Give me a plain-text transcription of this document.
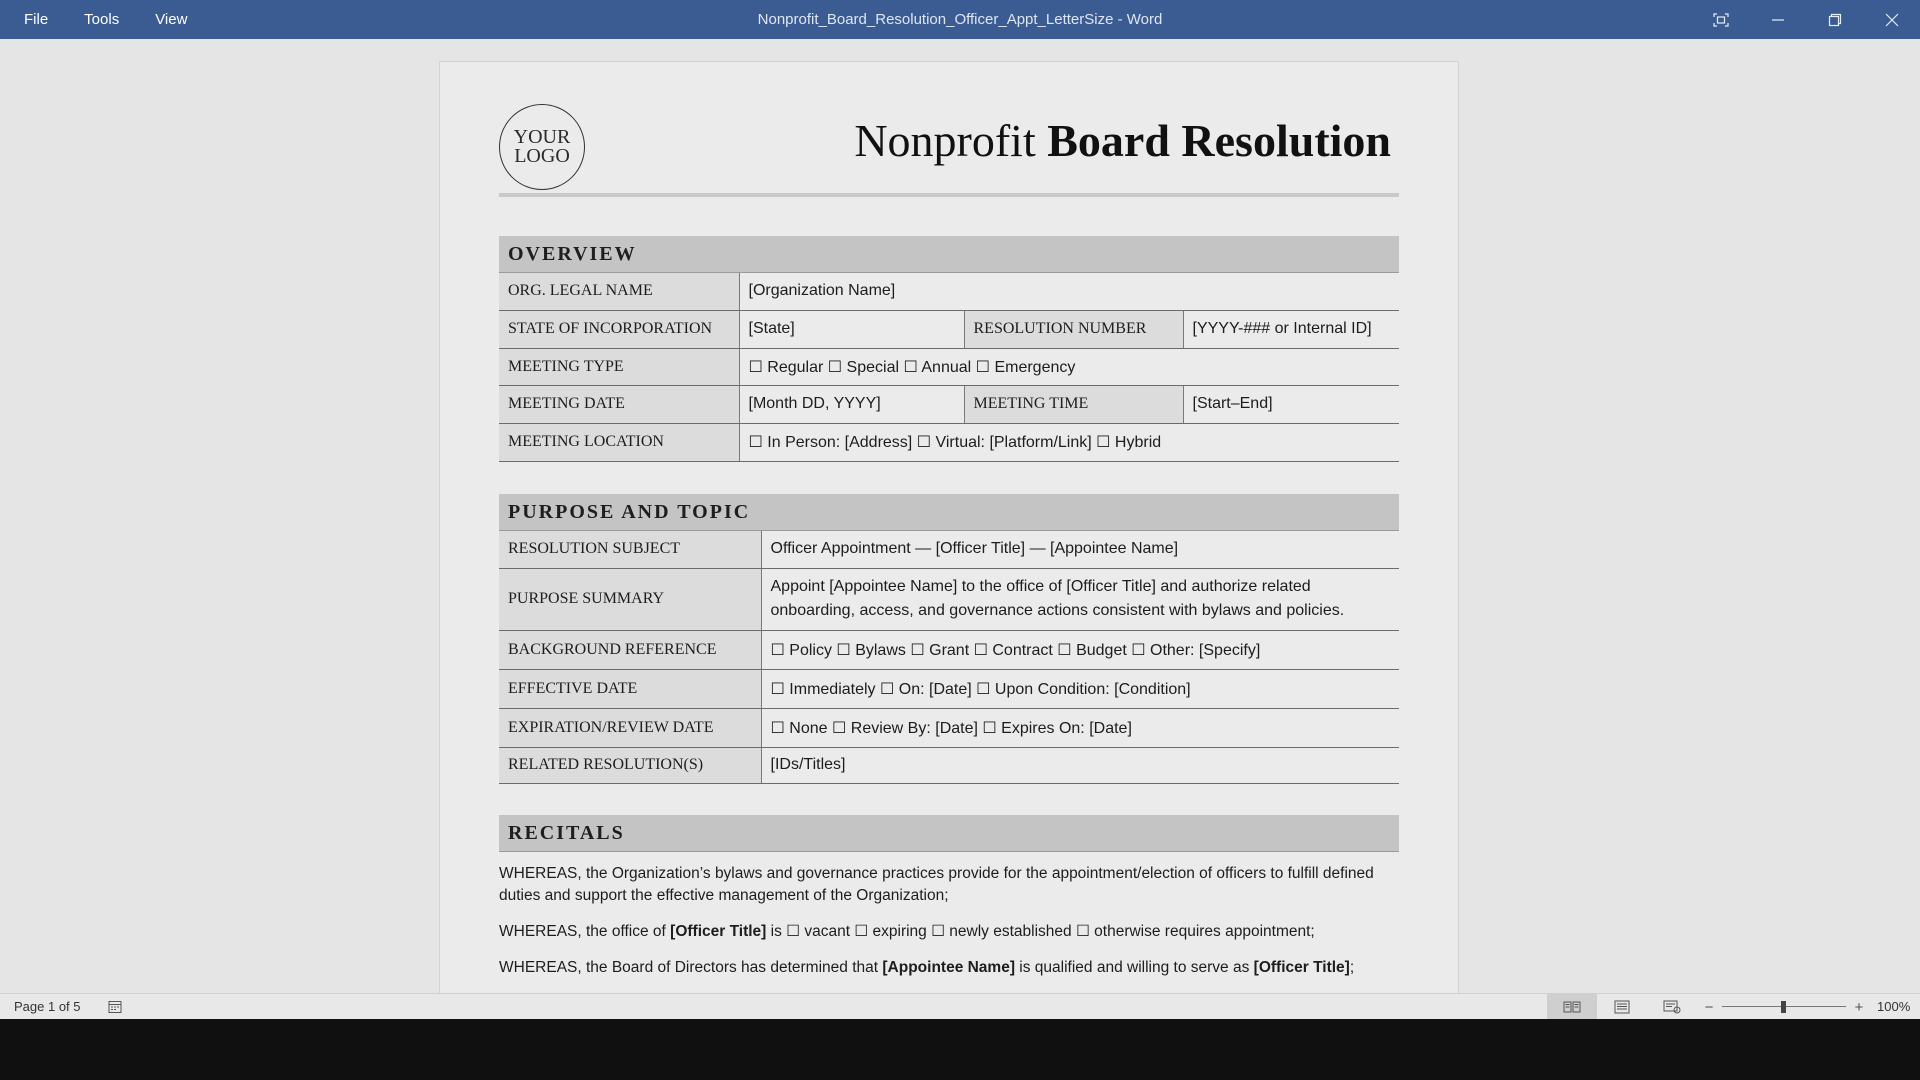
File	Tools	View	Nonprofit_Board_Resolution_Officer_Appt_LetterSize - Word
YOUR
LOGO	Nonprofit Board Resolution
OVERVIEW
ORG. LEGAL NAME	[Organization Name]		
STATE OF INCORPORATION	[State]	RESOLUTION NUMBER	[YYYY-### or Internal ID]
MEETING TYPE	☐ Regular ☐ Special ☐ Annual ☐ Emergency		
MEETING DATE	[Month DD, YYYY]	MEETING TIME	[Start–End]
MEETING LOCATION	☐ In Person: [Address] ☐ Virtual: [Platform/Link] ☐ Hybrid		
PURPOSE AND TOPIC
RESOLUTION SUBJECT	Officer Appointment — [Officer Title] — [Appointee Name]
PURPOSE SUMMARY	Appoint [Appointee Name] to the office of [Officer Title] and authorize related onboarding, access, and governance actions consistent with bylaws and policies.
BACKGROUND REFERENCE	☐ Policy ☐ Bylaws ☐ Grant ☐ Contract ☐ Budget ☐ Other: [Specify]
EFFECTIVE DATE	☐ Immediately ☐ On: [Date] ☐ Upon Condition: [Condition]
EXPIRATION/REVIEW DATE	☐ None ☐ Review By: [Date] ☐ Expires On: [Date]
RELATED RESOLUTION(S)	[IDs/Titles]
RECITALS

WHEREAS, the Organization’s bylaws and governance practices provide for the appointment/election of officers to fulfill defined duties and support the effective management of the Organization;

WHEREAS, the office of [Officer Title] is ☐ vacant ☐ expiring ☐ newly established ☐ otherwise requires appointment;

WHEREAS, the Board of Directors has determined that [Appointee Name] is qualified and willing to serve as [Officer Title];

Page 1 of 5	−	+	100%
